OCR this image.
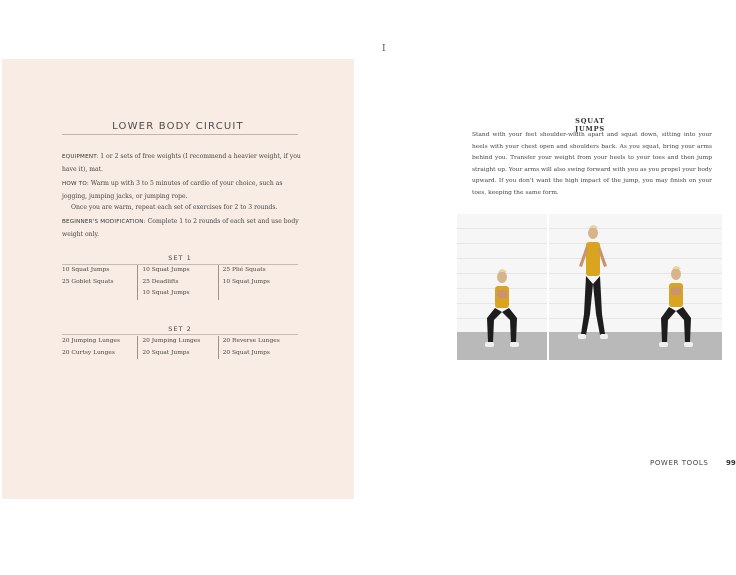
I
LOWER BODY CIRCUIT
EQUIPMENT: 1 or 2 sets of free weights (I recommend a heavier weight, if you have it), mat.
HOW TO: Warm up with 3 to 5 minutes of cardio of your choice, such as jogging, jumping jacks, or jumping rope.
Once you are warm, repeat each set of exercises for 2 to 3 rounds.
BEGINNER'S MODIFICATION: Complete 1 to 2 rounds of each set and use body weight only.
SET 1
10 Squat Jumps
25 Goblet Squats
10 Squat Jumps
25 Deadlifts
10 Squat Jumps
25 Plié Squats
10 Squat Jumps
SET 2
20 Jumping Lunges
20 Curtsy Lunges
20 Jumping Lunges
20 Squat Jumps
20 Reverse Lunges
20 Squat Jumps
SQUAT JUMPS
Stand with your feet shoulder-width apart and squat down, sitting into your heels with your chest open and shoulders back. As you squat, bring your arms behind you. Transfer your weight from your heels to your toes and then jump straight up. Your arms will also swing forward with you as you propel your body upward. If you don't want the high impact of the jump, you may finish on your toes, keeping the same form.
POWER TOOLS	99
